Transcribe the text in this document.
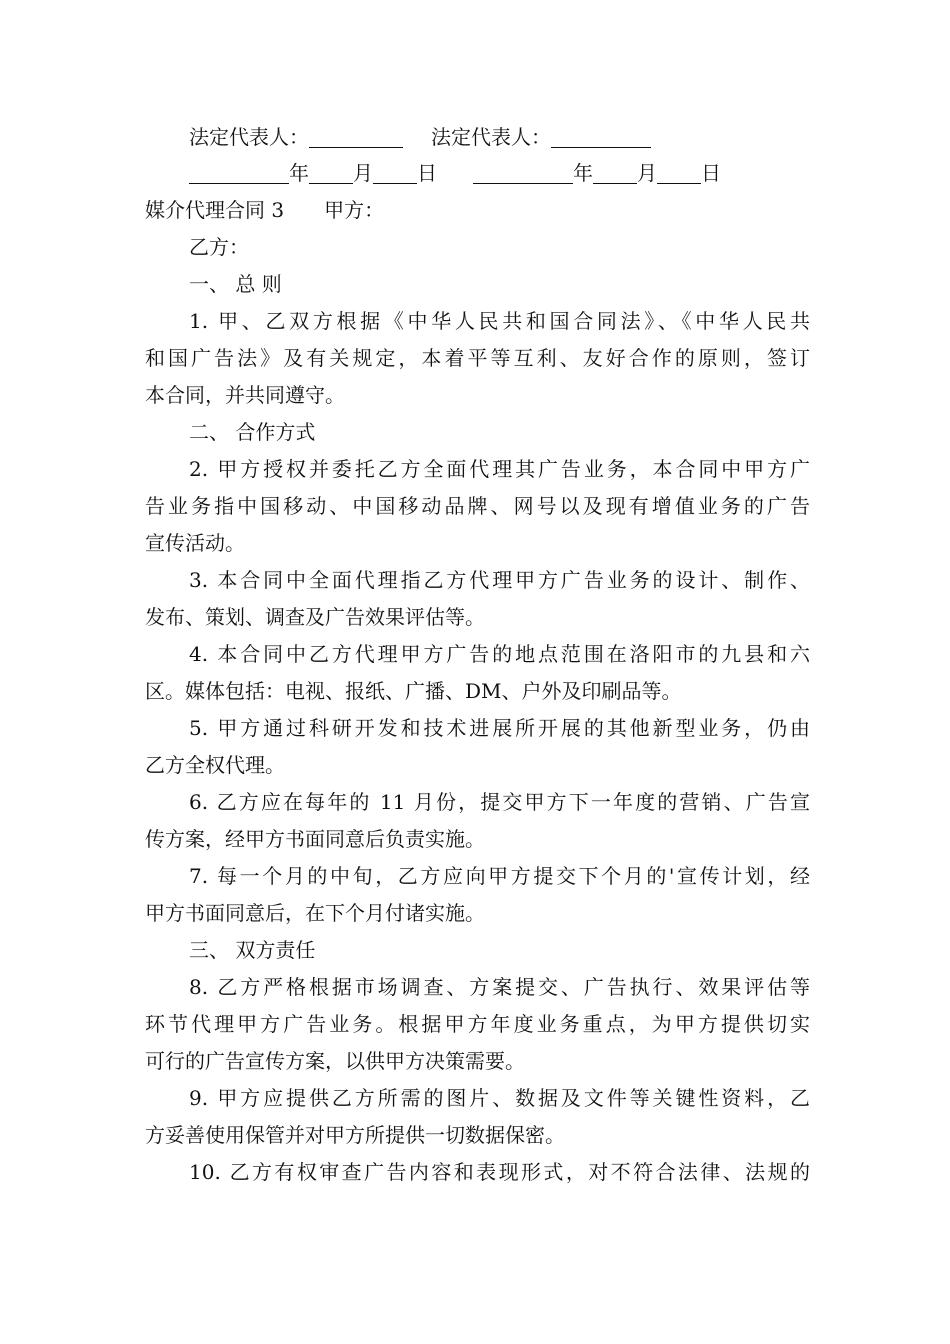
法定代表人：	法定代表人：
年 月 日	年 月 日
媒介代理合同 3 甲方：
乙方：
一、 总 则
1. 甲、乙双方根据《中华人民共和国合同法》、《中华人民共
和国广告法》及有关规定，本着平等互利、友好合作的原则，签订
本合同，并共同遵守。
二、 合作方式
2. 甲方授权并委托乙方全面代理其广告业务，本合同中甲方广
告业务指中国移动、中国移动品牌、网号以及现有增值业务的广告
宣传活动。
3. 本合同中全面代理指乙方代理甲方广告业务的设计、制作、
发布、策划、调查及广告效果评估等。
4. 本合同中乙方代理甲方广告的地点范围在洛阳市的九县和六
区。媒体包括：电视、报纸、广播、DM、户外及印刷品等。
5. 甲方通过科研开发和技术进展所开展的其他新型业务，仍由
乙方全权代理。
6. 乙方应在每年的 11 月份，提交甲方下一年度的营销、广告宣
传方案，经甲方书面同意后负责实施。
7. 每一个月的中旬，乙方应向甲方提交下个月的'宣传计划，经
甲方书面同意后，在下个月付诸实施。
三、 双方责任
8. 乙方严格根据市场调查、方案提交、广告执行、效果评估等
环节代理甲方广告业务。根据甲方年度业务重点，为甲方提供切实
可行的广告宣传方案，以供甲方决策需要。
9. 甲方应提供乙方所需的图片、数据及文件等关键性资料，乙
方妥善使用保管并对甲方所提供一切数据保密。
10. 乙方有权审查广告内容和表现形式，对不符合法律、法规的
